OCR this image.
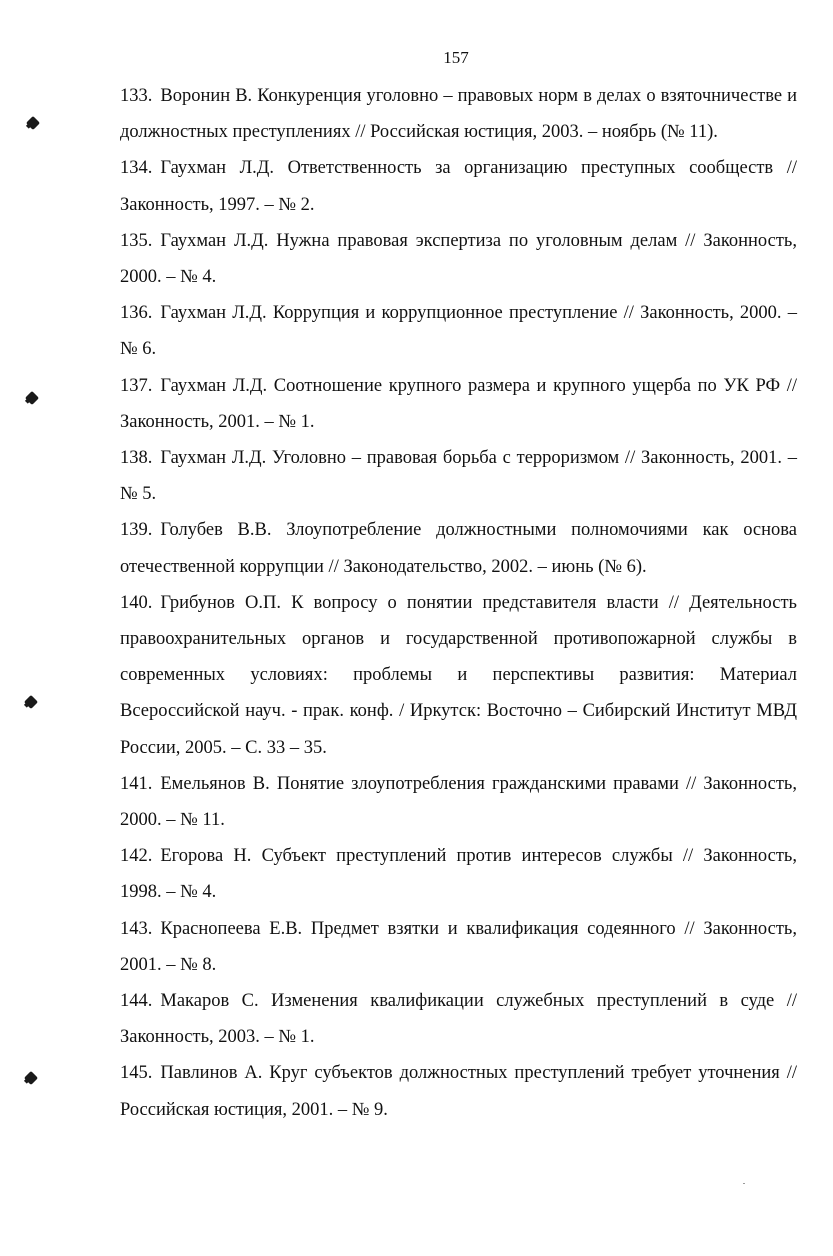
157
133. Воронин В. Конкуренция уголовно – правовых норм в делах о взяточничестве и должностных преступлениях // Российская юстиция, 2003. – ноябрь (№ 11).
134. Гаухман Л.Д. Ответственность за организацию преступных сообществ // Законность, 1997. – № 2.
135. Гаухман Л.Д. Нужна правовая экспертиза по уголовным делам // Законность, 2000. – № 4.
136. Гаухман Л.Д. Коррупция и коррупционное преступление // Законность, 2000. – № 6.
137. Гаухман Л.Д. Соотношение крупного размера и крупного ущерба по УК РФ // Законность, 2001. – № 1.
138. Гаухман Л.Д. Уголовно – правовая борьба с терроризмом // Законность, 2001. – № 5.
139. Голубев В.В. Злоупотребление должностными полномочиями как основа отечественной коррупции // Законодательство, 2002. – июнь (№ 6).
140. Грибунов О.П. К вопросу о понятии представителя власти // Деятельность правоохранительных органов и государственной противопожарной службы в современных условиях: проблемы и перспективы развития: Материал Всероссийской науч. - прак. конф. / Иркутск: Восточно – Сибирский Институт МВД России, 2005. – С. 33 – 35.
141. Емельянов В. Понятие злоупотребления гражданскими правами // Законность, 2000. – № 11.
142. Егорова Н. Субъект преступлений против интересов службы // Законность, 1998. – № 4.
143. Краснопеева Е.В. Предмет взятки и квалификация содеянного // Законность, 2001. – № 8.
144. Макаров С. Изменения квалификации служебных преступлений в суде // Законность, 2003. – № 1.
145. Павлинов А. Круг субъектов должностных преступлений требует уточнения // Российская юстиция, 2001. – № 9.
